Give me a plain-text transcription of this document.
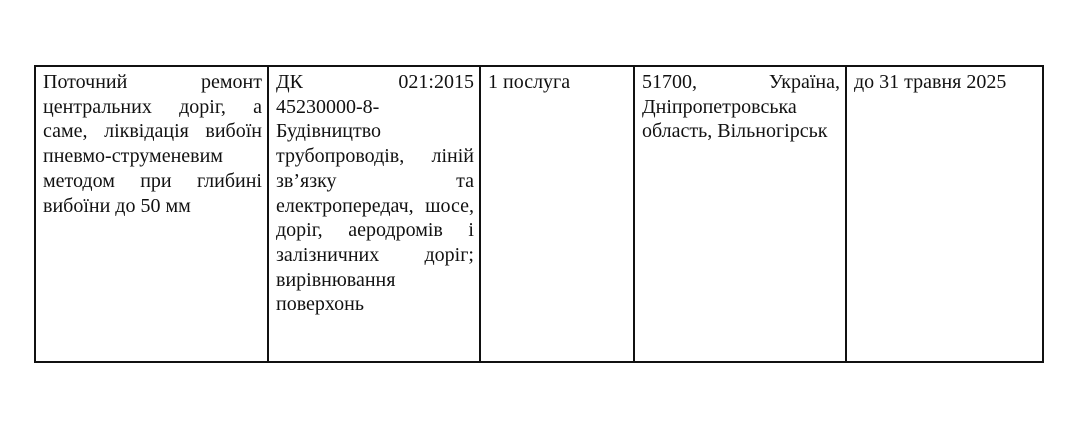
Поточний ремонт центральних доріг, а саме, ліквідація вибоїн пневмо-струменевим методом при глибині вибоїни до 50 мм	ДК 021:2015 45230000-8- Будівництво трубопроводів, ліній зв’язку та електропередач, шосе, доріг, аеродромів і залізничних доріг; вирівнювання поверхонь	1 послуга	51700, Україна, Дніпропетровська область, Вільногірськ	до 31 травня 2025
